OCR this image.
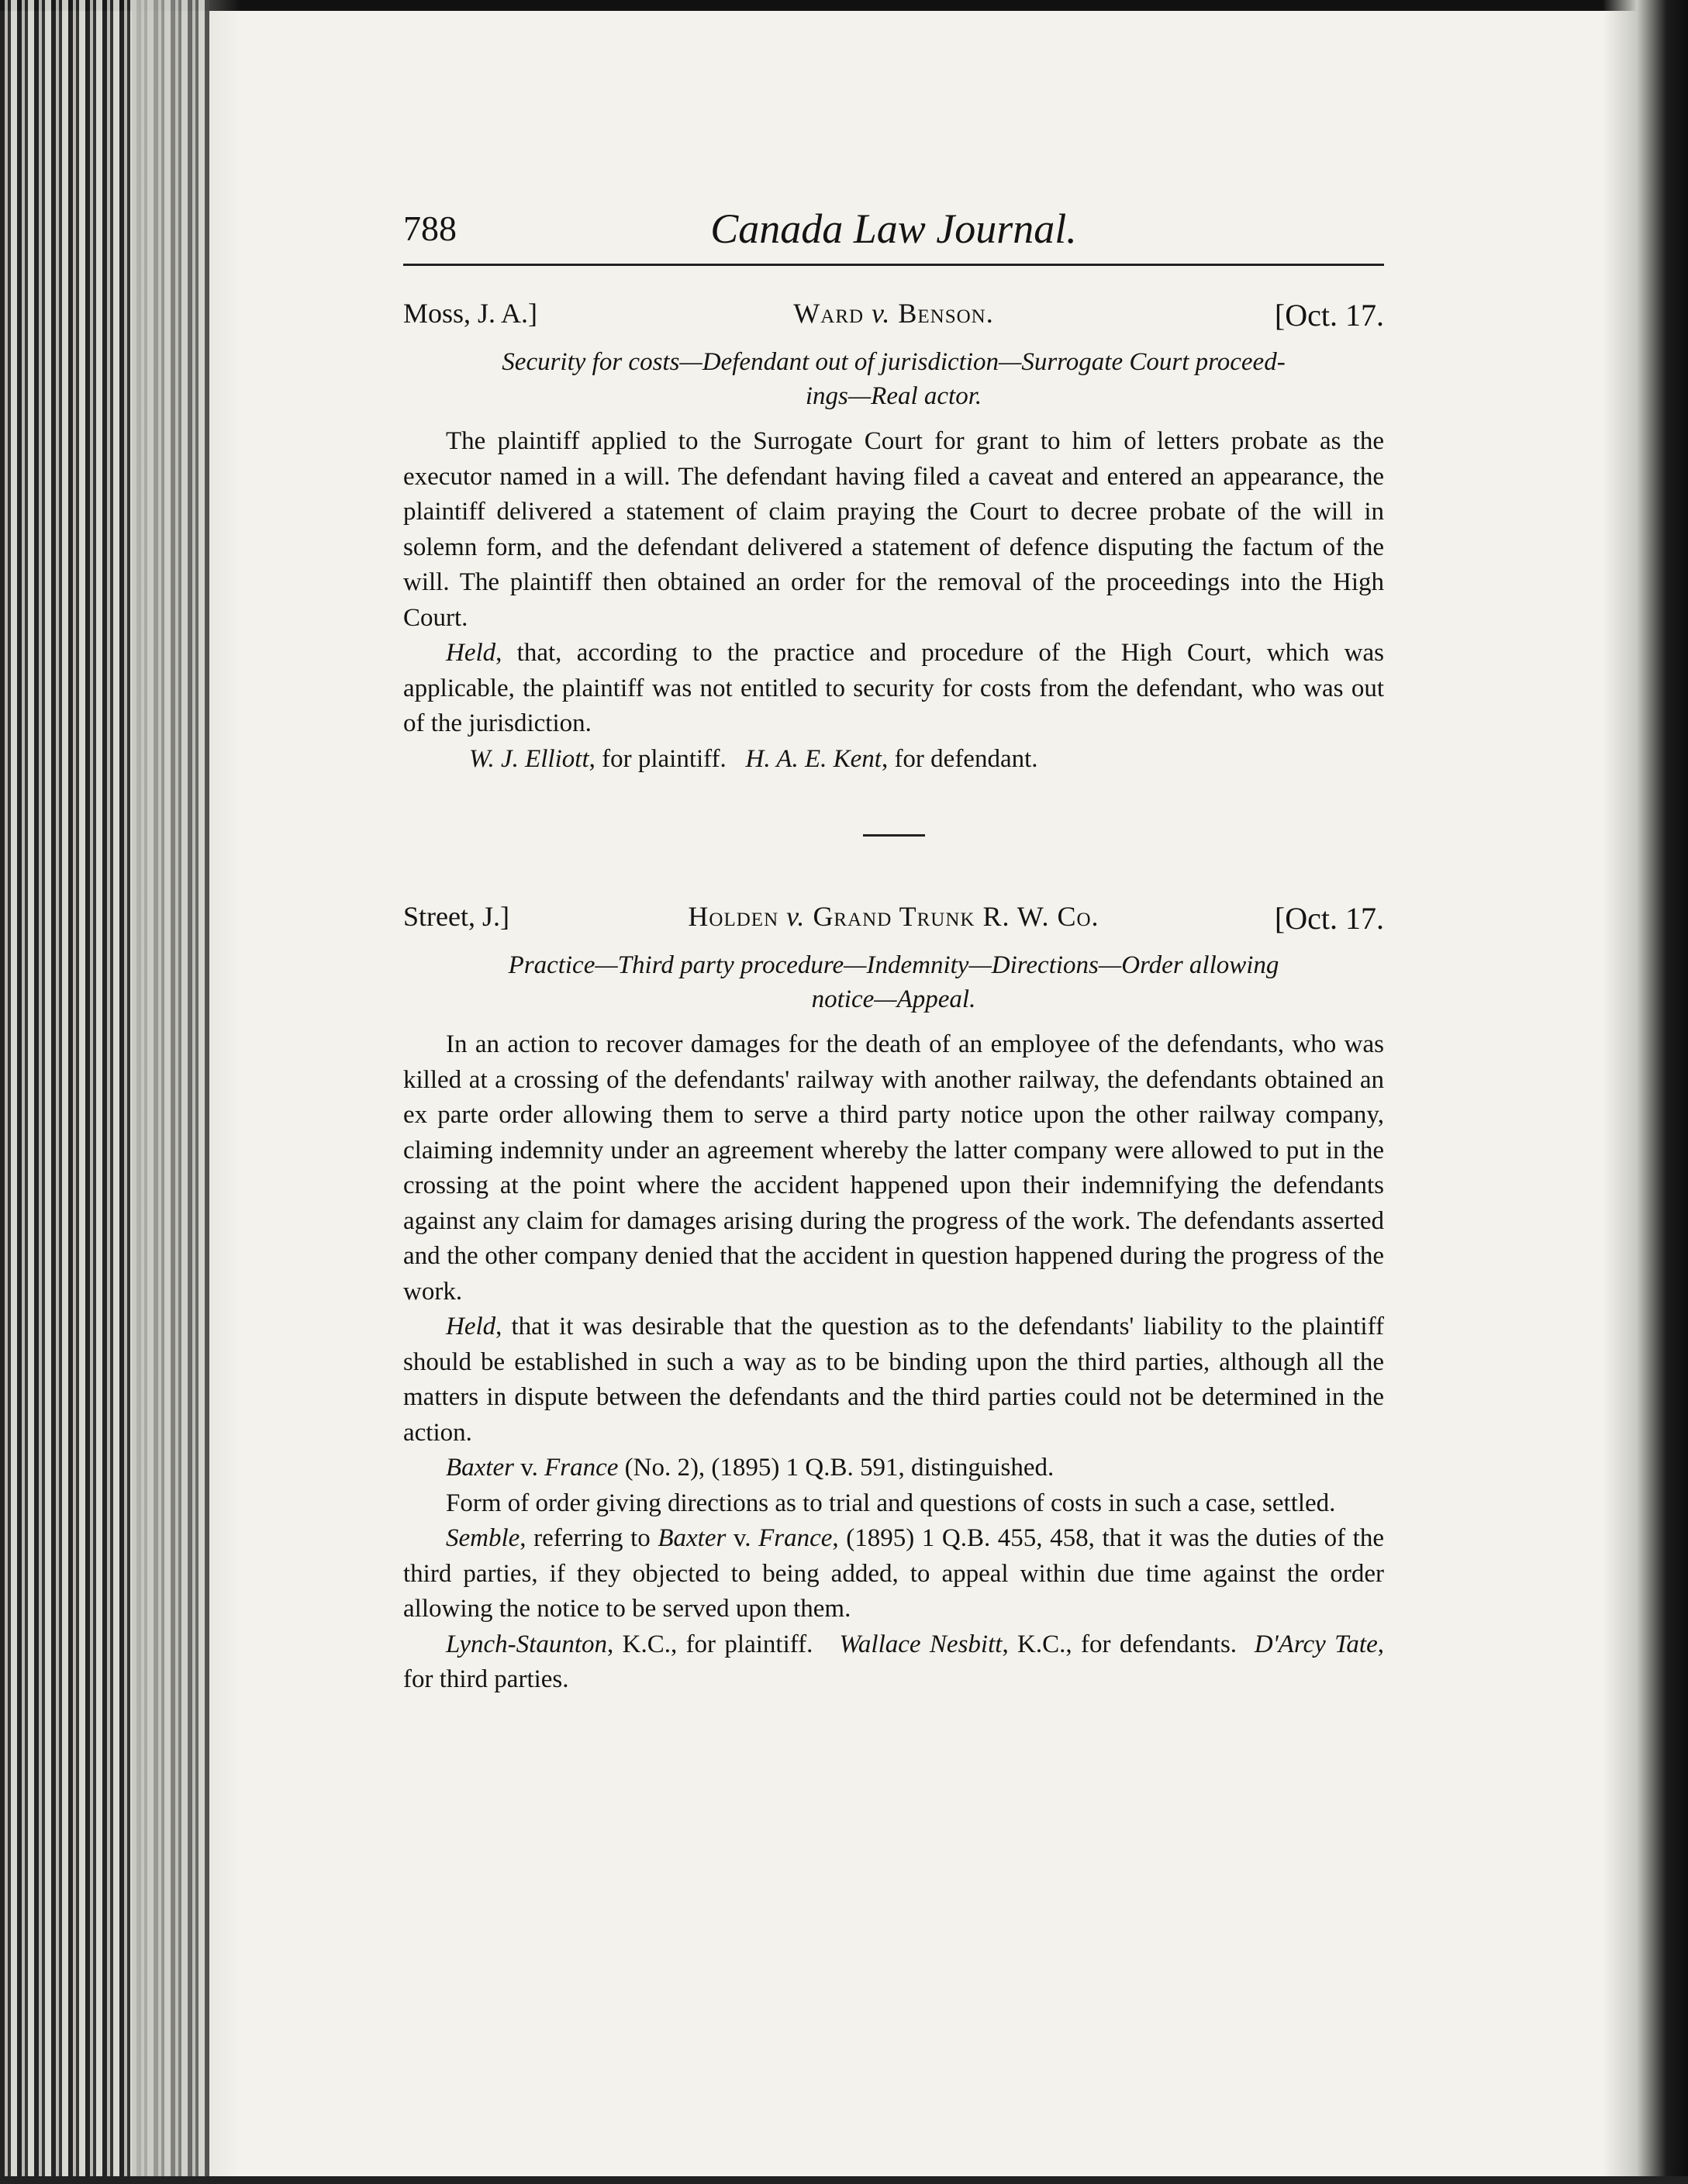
788	Canada Law Journal.
Moss, J. A.]	Ward v. Benson.	[Oct. 17.
Security for costs—Defendant out of jurisdiction—Surrogate Court proceed-
ings—Real actor.

The plaintiff applied to the Surrogate Court for grant to him of letters probate as the executor named in a will. The defendant having filed a caveat and entered an appearance, the plaintiff delivered a statement of claim praying the Court to decree probate of the will in solemn form, and the defendant delivered a statement of defence disputing the factum of the will. The plaintiff then obtained an order for the removal of the proceedings into the High Court.

Held, that, according to the practice and procedure of the High Court, which was applicable, the plaintiff was not entitled to security for costs from the defendant, who was out of the jurisdiction.

W. J. Elliott, for plaintiff. H. A. E. Kent, for defendant.

Street, J.]	Holden v. Grand Trunk R. W. Co.	[Oct. 17.
Practice—Third party procedure—Indemnity—Directions—Order allowing
notice—Appeal.

In an action to recover damages for the death of an employee of the defendants, who was killed at a crossing of the defendants' railway with another railway, the defendants obtained an ex parte order allowing them to serve a third party notice upon the other railway company, claiming indemnity under an agreement whereby the latter company were allowed to put in the crossing at the point where the accident happened upon their indemnifying the defendants against any claim for damages arising during the progress of the work. The defendants asserted and the other company denied that the accident in question happened during the progress of the work.

Held, that it was desirable that the question as to the defendants' liability to the plaintiff should be established in such a way as to be binding upon the third parties, although all the matters in dispute between the defendants and the third parties could not be determined in the action.

Baxter v. France (No. 2), (1895) 1 Q.B. 591, distinguished.

Form of order giving directions as to trial and questions of costs in such a case, settled.

Semble, referring to Baxter v. France, (1895) 1 Q.B. 455, 458, that it was the duties of the third parties, if they objected to being added, to appeal within due time against the order allowing the notice to be served upon them.

Lynch-Staunton, K.C., for plaintiff. Wallace Nesbitt, K.C., for defendants. D'Arcy Tate, for third parties.
